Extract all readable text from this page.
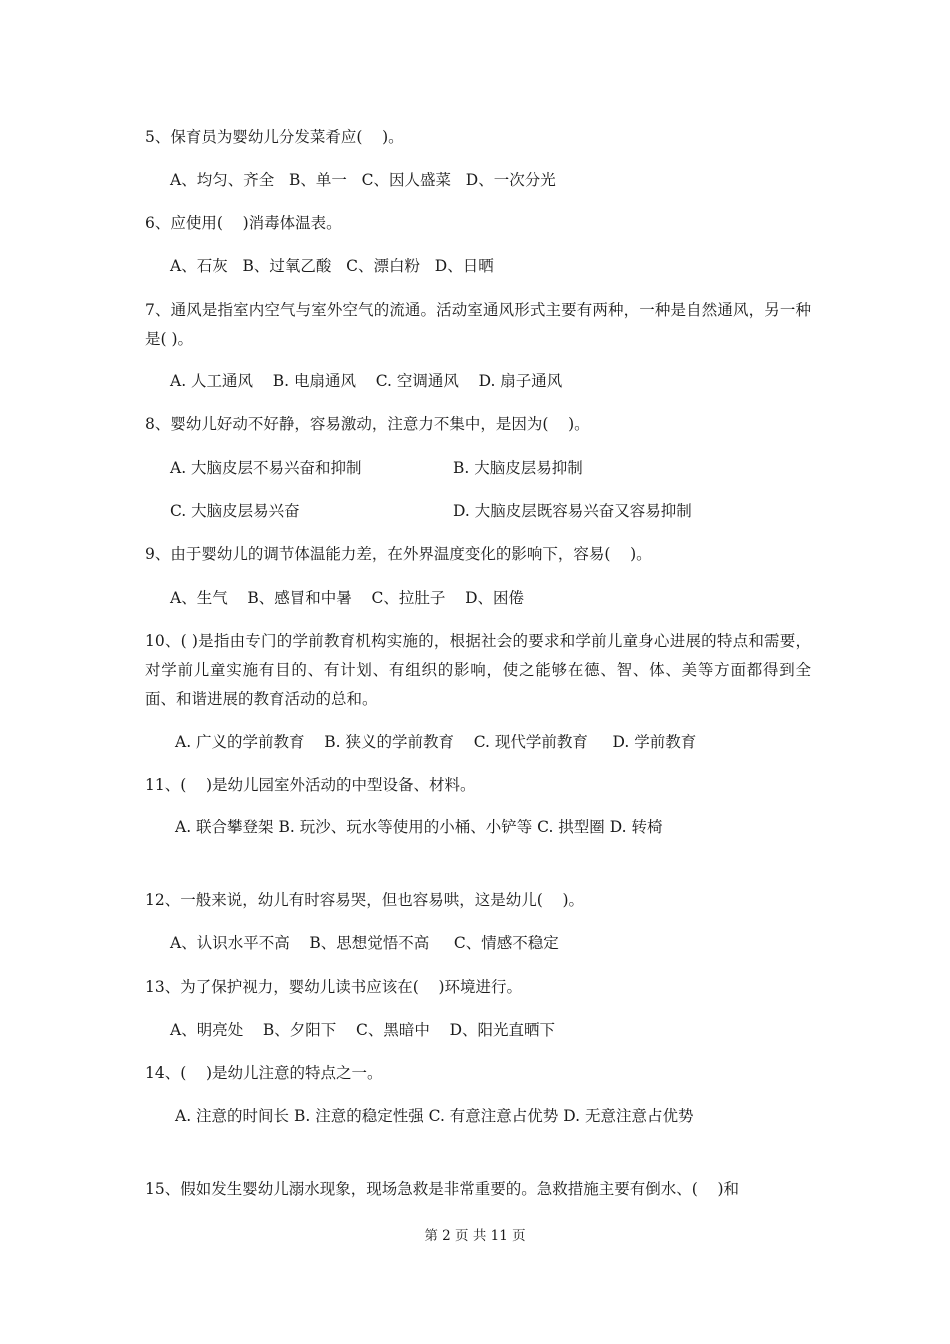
5、保育员为婴幼儿分发菜肴应(    )。
A、均匀、齐全   B、单一   C、因人盛菜   D、一次分光
6、应使用(    )消毒体温表。
A、石灰   B、过氧乙酸   C、漂白粉   D、日晒
7、通风是指室内空气与室外空气的流通。活动室通风形式主要有两种，一种是自然通风，另一种是( )。
A. 人工通风    B. 电扇通风    C. 空调通风    D. 扇子通风
8、婴幼儿好动不好静，容易激动，注意力不集中，是因为(    )。
A. 大脑皮层不易兴奋和抑制	B. 大脑皮层易抑制
C. 大脑皮层易兴奋	D. 大脑皮层既容易兴奋又容易抑制
9、由于婴幼儿的调节体温能力差，在外界温度变化的影响下，容易(    )。
A、生气    B、感冒和中暑    C、拉肚子    D、困倦
10、( )是指由专门的学前教育机构实施的，根据社会的要求和学前儿童身心进展的特点和需要，对学前儿童实施有目的、有计划、有组织的影响，使之能够在德、智、体、美等方面都得到全面、和谐进展的教育活动的总和。
A. 广义的学前教育    B. 狭义的学前教育    C. 现代学前教育     D. 学前教育
11、(    )是幼儿园室外活动的中型设备、材料。
A. 联合攀登架 B. 玩沙、玩水等使用的小桶、小铲等 C. 拱型圈 D. 转椅
12、一般来说，幼儿有时容易哭，但也容易哄，这是幼儿(    )。
A、认识水平不高    B、思想觉悟不高     C、情感不稳定
13、为了保护视力，婴幼儿读书应该在(    )环境进行。
A、明亮处    B、夕阳下    C、黑暗中    D、阳光直晒下
14、(    )是幼儿注意的特点之一。
A. 注意的时间长 B. 注意的稳定性强 C. 有意注意占优势 D. 无意注意占优势
15、假如发生婴幼儿溺水现象，现场急救是非常重要的。急救措施主要有倒水、(    )和
第 2 页 共 11 页
